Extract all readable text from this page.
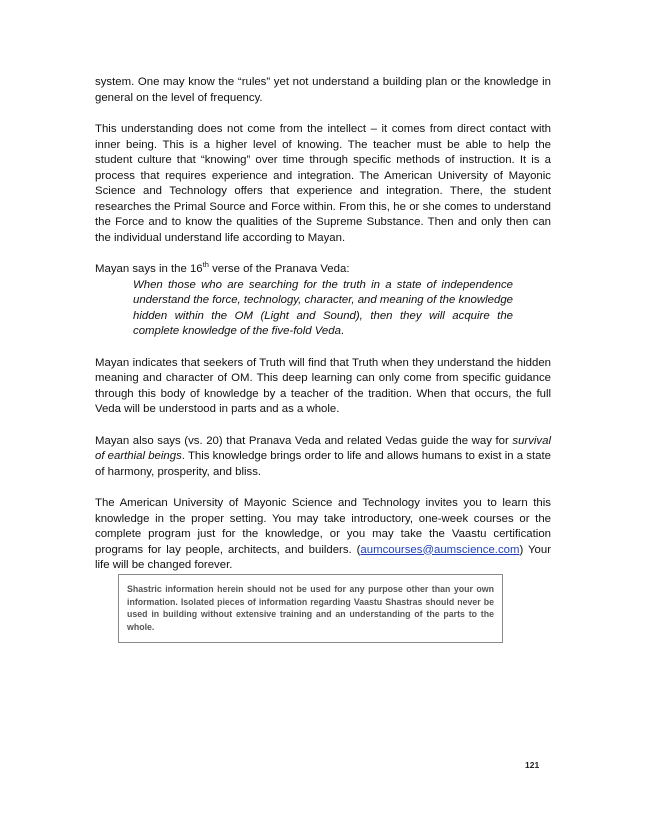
system. One may know the “rules” yet not understand a building plan or the knowledge in general on the level of frequency.

This understanding does not come from the intellect – it comes from direct contact with inner being. This is a higher level of knowing. The teacher must be able to help the student culture that “knowing” over time through specific methods of instruction. It is a process that requires experience and integration. The American University of Mayonic Science and Technology offers that experience and integration. There, the student researches the Primal Source and Force within. From this, he or she comes to understand the Force and to know the qualities of the Supreme Substance. Then and only then can the individual understand life according to Mayan.

Mayan says in the 16th verse of the Pranava Veda:

When those who are searching for the truth in a state of independence understand the force, technology, character, and meaning of the knowledge hidden within the OM (Light and Sound), then they will acquire the complete knowledge of the five-fold Veda.

Mayan indicates that seekers of Truth will find that Truth when they understand the hidden meaning and character of OM. This deep learning can only come from specific guidance through this body of knowledge by a teacher of the tradition. When that occurs, the full Veda will be understood in parts and as a whole.

Mayan also says (vs. 20) that Pranava Veda and related Vedas guide the way for survival of earthial beings. This knowledge brings order to life and allows humans to exist in a state of harmony, prosperity, and bliss.

The American University of Mayonic Science and Technology invites you to learn this knowledge in the proper setting. You may take introductory, one-week courses or the complete program just for the knowledge, or you may take the Vaastu certification programs for lay people, architects, and builders. (aumcourses@aumscience.com) Your life will be changed forever.

Shastric information herein should not be used for any purpose other than your own information. Isolated pieces of information regarding Vaastu Shastras should never be used in building without extensive training and an understanding of the parts to the whole.
121
